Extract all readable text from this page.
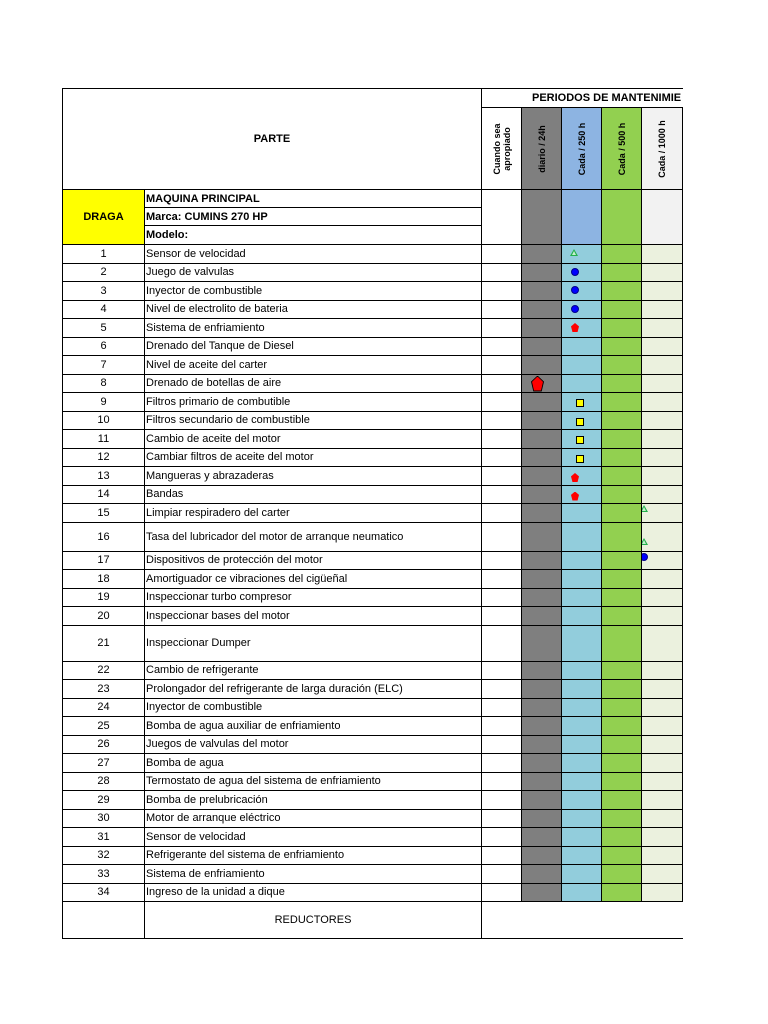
PARTE		PERIODOS DE MANTENIMIE				

		Cuando sea apropiado	diario / 24h	Cada / 250 h	Cada / 500 h	Cada / 1000 h

DRAGA	MAQUINA PRINCIPAL					
	Marca: CUMINS 270 HP					
	Modelo:					
1	Sensor de velocidad			

2	Juego de valvulas			

3	Inyector de combustible			

4	Nivel de electrolito de bateria			

5	Sistema de enfriamiento			

6	Drenado del Tanque de Diesel					
7	Nivel de aceite del carter					
8	Drenado de botellas de aire		

9	Filtros primario de combutible			

10	Filtros secundario de combustible			

11	Cambio de aceite del motor			

12	Cambiar filtros de aceite del motor			

13	Mangueras y abrazaderas			

14	Bandas			

15	Limpiar respiradero del carter					

16	Tasa del lubricador del motor de arranque neumatico					

17	Dispositivos de protección del motor					

18	Amortiguador ce vibraciones del cigüeñal					
19	Inspeccionar turbo compresor					
20	Inspeccionar bases del motor					
21	Inspeccionar Dumper					
22	Cambio de refrigerante					
23	Prolongador del refrigerante de larga duración (ELC)					
24	Inyector de combustible					
25	Bomba de agua auxiliar de enfriamiento					
26	Juegos de valvulas del motor					
27	Bomba de agua					
28	Termostato de agua del sistema de enfriamiento					
29	Bomba de prelubricación					
30	Motor de arranque eléctrico					
31	Sensor de velocidad					
32	Refrigerante del sistema de enfriamiento					
33	Sistema de enfriamiento					
34	Ingreso de la unidad a dique					
	REDUCTORES					
